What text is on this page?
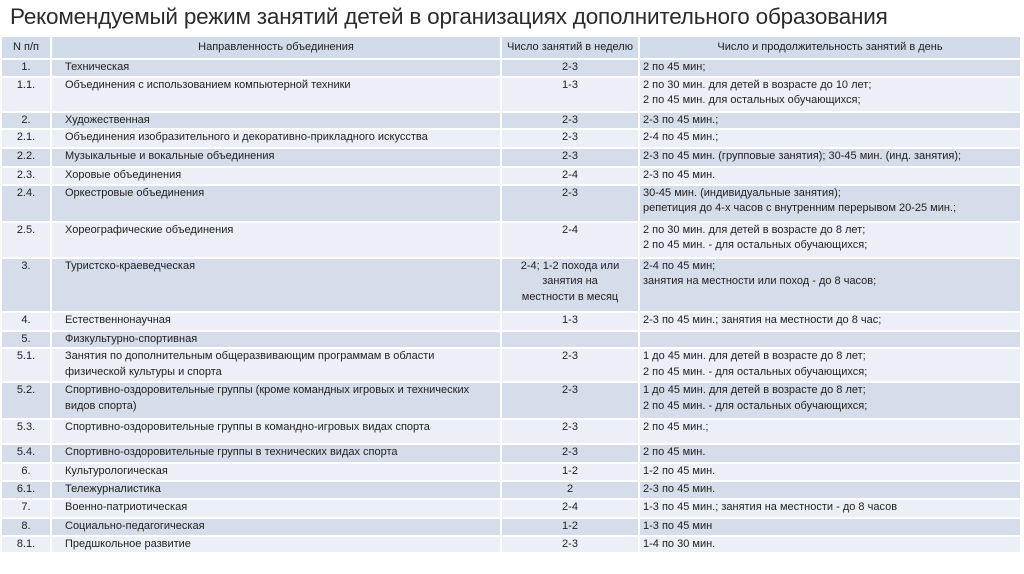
Рекомендуемый режим занятий детей в организациях дополнительного образования
N п/п	Направленность объединения	Число занятий в неделю	Число и продолжительность занятий в день
1.	Техническая	2-3	2 по 45 мин;

1.1.	Объединения с использованием компьютерной техники	1-3	2 по 30 мин. для детей в возрасте до 10 лет;
2 по 45 мин. для остальных обучающихся;

2.	Художественная	2-3	2-3 по 45 мин.;

2.1.	Объединения изобразительного и декоративно-прикладного искусства	2-3	2-4 по 45 мин.;

2.2.	Музыкальные и вокальные объединения	2-3	2-3 по 45 мин. (групповые занятия); 30-45 мин. (инд. занятия);

2.3.	Хоровые объединения	2-4	2-3 по 45 мин.

2.4.	Оркестровые объединения	2-3	30-45 мин. (индивидуальные занятия);
репетиция до 4-х часов с внутренним перерывом 20-25 мин.;

2.5.	Хореографические объединения	2-4	2 по 30 мин. для детей в возрасте до 8 лет;
2 по 45 мин. - для остальных обучающихся;

3.	Туристско-краеведческая	2-4; 1-2 похода или
занятия на
местности в месяц	2-4 по 45 мин;
занятия на местности или поход - до 8 часов;

4.	Естественнонаучная	1-3	2-3 по 45 мин.; занятия на местности до 8 час;

5.	Физкультурно-спортивная		

5.1.	Занятия по дополнительным общеразвивающим программам в области
физической культуры и спорта	2-3	1 до 45 мин. для детей в возрасте до 8 лет;
2 по 45 мин. - для остальных обучающихся;

5.2.	Спортивно-оздоровительные группы (кроме командных игровых и технических
видов спорта)	2-3	1 до 45 мин. для детей в возрасте до 8 лет;
2 по 45 мин. - для остальных обучающихся;

5.3.	Спортивно-оздоровительные группы в командно-игровых видах спорта	2-3	2 по 45 мин.;

5.4.	Спортивно-оздоровительные группы в технических видах спорта	2-3	2 по 45 мин.

6.	Культурологическая	1-2	1-2 по 45 мин.

6.1.	Тележурналистика	2	2-3 по 45 мин.

7.	Военно-патриотическая	2-4	1-3 по 45 мин.; занятия на местности - до 8 часов

8.	Социально-педагогическая	1-2	1-3 по 45 мин

8.1.	Предшкольное развитие	2-3	1-4 по 30 мин.
